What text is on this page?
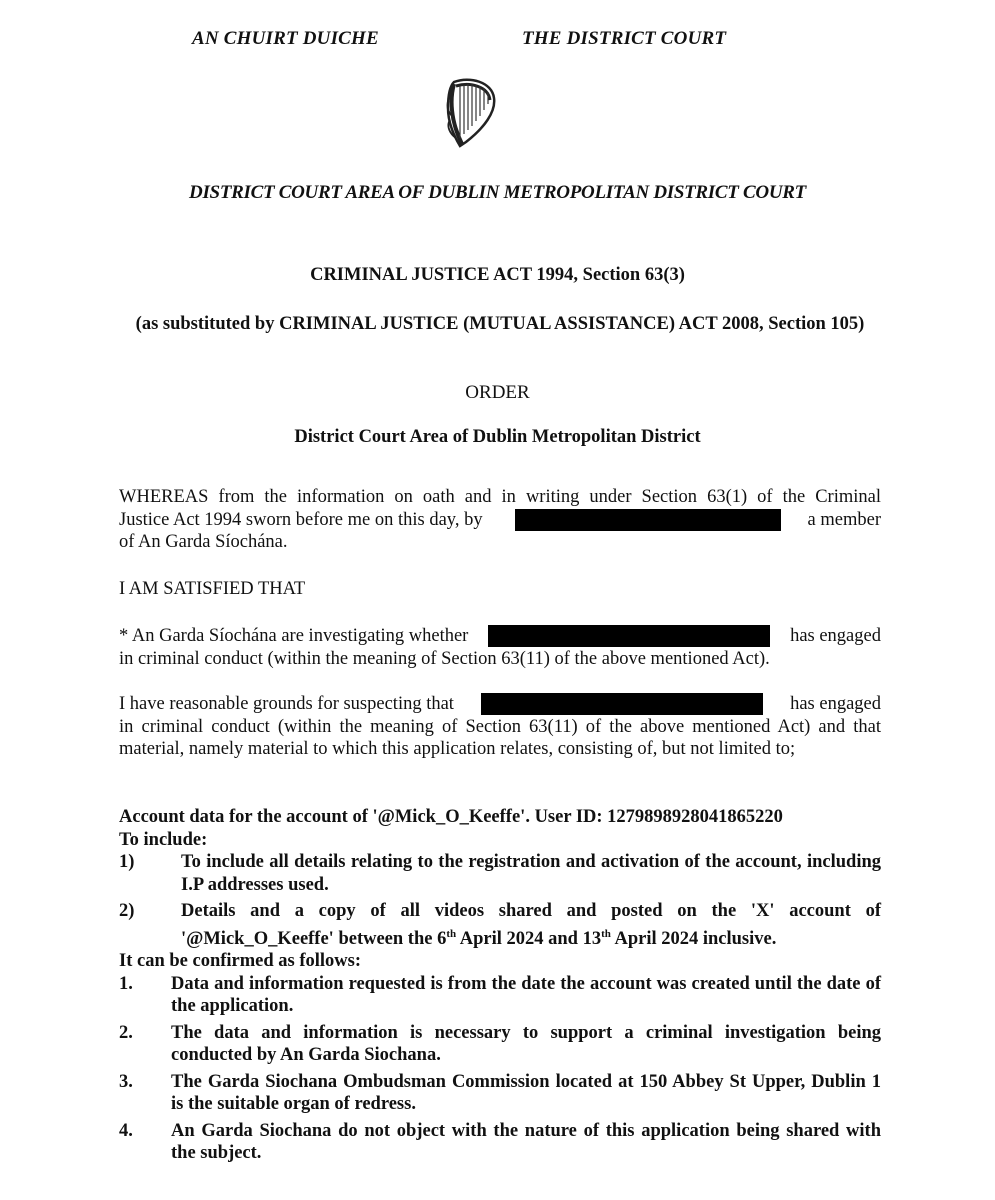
AN CHUIRT DUICHE	THE DISTRICT COURT
DISTRICT COURT AREA OF DUBLIN METROPOLITAN DISTRICT COURT
CRIMINAL JUSTICE ACT 1994, Section 63(3)
(as substituted by CRIMINAL JUSTICE (MUTUAL ASSISTANCE) ACT 2008, Section 105)
ORDER
District Court Area of Dublin Metropolitan District
WHEREAS from the information on oath and in writing under Section 63(1) of the Criminal
Justice Act 1994 sworn before me on this day, by	a member
of An Garda Síochána.
I AM SATISFIED THAT
* An Garda Síochána are investigating whether	has engaged
in criminal conduct (within the meaning of Section 63(11) of the above mentioned Act).
I have reasonable grounds for suspecting that	has engaged
in criminal conduct (within the meaning of Section 63(11) of the above mentioned Act) and that material, namely material to which this application relates, consisting of, but not limited to;
Account data for the account of '@Mick_O_Keeffe'. User ID: 1279898928041865220
To include:
1)	To include all details relating to the registration and activation of the account, including I.P addresses used.
2)	Details and a copy of all videos shared and posted on the 'X' account of '@Mick_O_Keeffe' between the 6th April 2024 and 13th April 2024 inclusive.
It can be confirmed as follows:
1.	Data and information requested is from the date the account was created until the date of the application.
2.	The data and information is necessary to support a criminal investigation being conducted by An Garda Siochana.
3.	The Garda Siochana Ombudsman Commission located at 150 Abbey St Upper, Dublin 1 is the suitable organ of redress.
4.	An Garda Siochana do not object with the nature of this application being shared with the subject.
